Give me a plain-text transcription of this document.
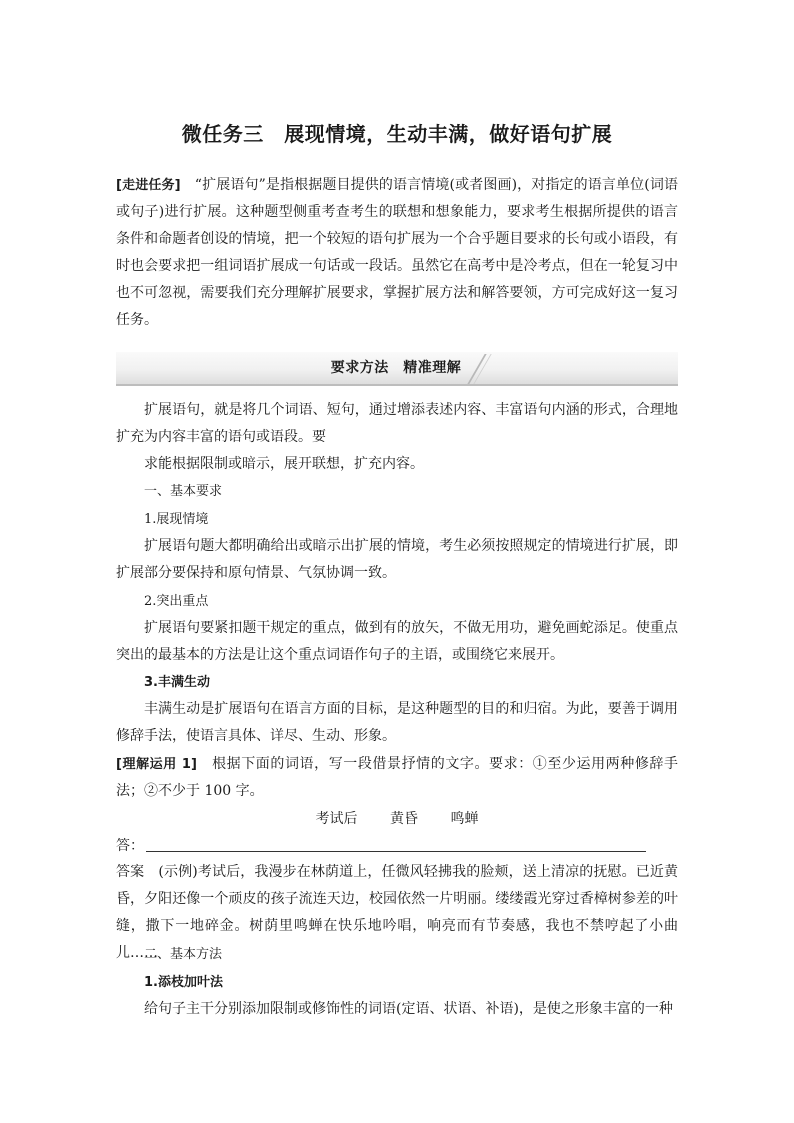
微任务三　展现情境，生动丰满，做好语句扩展
[走进任务]　 “扩展语句”是指根据题目提供的语言情境(或者图画)，对指定的语言单位(词语或句子)进行扩展。这种题型侧重考查考生的联想和想象能力，要求考生根据所提供的语言条件和命题者创设的情境，把一个较短的语句扩展为一个合乎题目要求的长句或小语段，有时也会要求把一组词语扩展成一句话或一段话。虽然它在高考中是冷考点，但在一轮复习中也不可忽视，需要我们充分理解扩展要求，掌握扩展方法和解答要领，方可完成好这一复习任务。
要求方法　精准理解
扩展语句，就是将几个词语、短句，通过增添表述内容、丰富语句内涵的形式，合理地扩充为内容丰富的语句或语段。要
求能根据限制或暗示，展开联想，扩充内容。
一、基本要求
1.展现情境
扩展语句题大都明确给出或暗示出扩展的情境，考生必须按照规定的情境进行扩展，即扩展部分要保持和原句情景、气氛协调一致。
2.突出重点
扩展语句要紧扣题干规定的重点，做到有的放矢，不做无用功，避免画蛇添足。使重点突出的最基本的方法是让这个重点词语作句子的主语，或围绕它来展开。
3.丰满生动
丰满生动是扩展语句在语言方面的目标，是这种题型的目的和归宿。为此，要善于调用修辞手法，使语言具体、详尽、生动、形象。
[理解运用 1]　 根据下面的词语，写一段借景抒情的文字。要求：①至少运用两种修辞手法；②不少于 100 字。
考试后 黄昏 鸣蝉
答：
答案　 (示例)考试后，我漫步在林荫道上，任微风轻拂我的脸颊，送上清凉的抚慰。已近黄昏，夕阳还像一个顽皮的孩子流连天边，校园依然一片明丽。缕缕霞光穿过香樟树参差的叶缝，撒下一地碎金。树荫里鸣蝉在快乐地吟唱，响亮而有节奏感，我也不禁哼起了小曲儿……
二、基本方法
1.添枝加叶法
给句子主干分别添加限制或修饰性的词语(定语、状语、补语)，是使之形象丰富的一种
